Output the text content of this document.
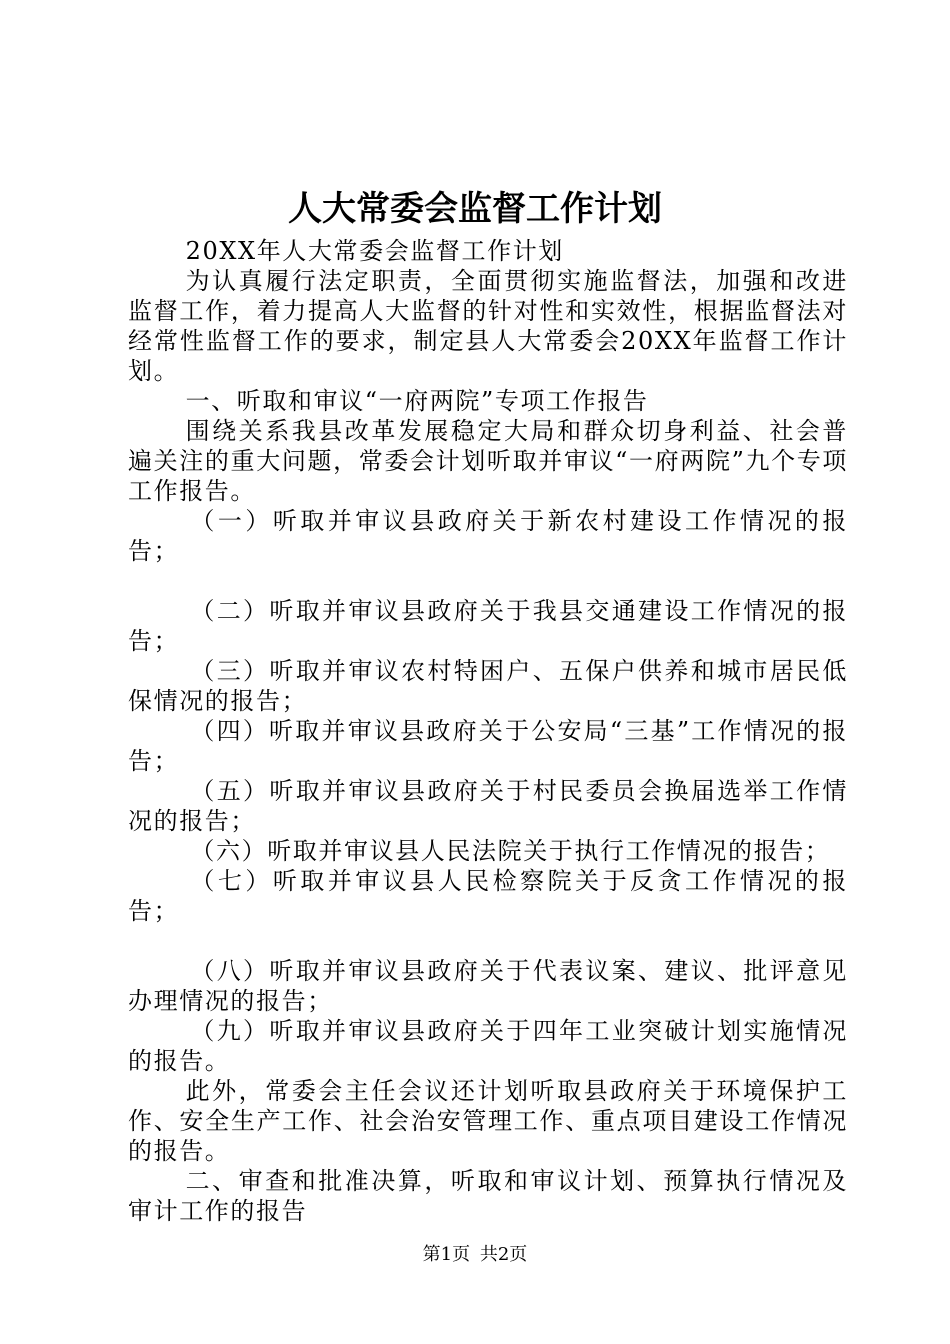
人大常委会监督工作计划

20XX年人大常委会监督工作计划

为认真履行法定职责，全面贯彻实施监督法，加强和改进监督工作，着力提高人大监督的针对性和实效性，根据监督法对经常性监督工作的要求，制定县人大常委会20XX年监督工作计划。

一、听取和审议“一府两院”专项工作报告

围绕关系我县改革发展稳定大局和群众切身利益、社会普遍关注的重大问题，常委会计划听取并审议“一府两院”九个专项工作报告。

（一）听取并审议县政府关于新农村建设工作情况的报告；

（二）听取并审议县政府关于我县交通建设工作情况的报告；

（三）听取并审议农村特困户、五保户供养和城市居民低保情况的报告；

（四）听取并审议县政府关于公安局“三基”工作情况的报告；

（五）听取并审议县政府关于村民委员会换届选举工作情况的报告；

（六）听取并审议县人民法院关于执行工作情况的报告；

（七）听取并审议县人民检察院关于反贪工作情况的报告；

（八）听取并审议县政府关于代表议案、建议、批评意见办理情况的报告；

（九）听取并审议县政府关于四年工业突破计划实施情况的报告。

此外，常委会主任会议还计划听取县政府关于环境保护工作、安全生产工作、社会治安管理工作、重点项目建设工作情况的报告。

二、审查和批准决算，听取和审议计划、预算执行情况及审计工作的报告

第1页 共2页
